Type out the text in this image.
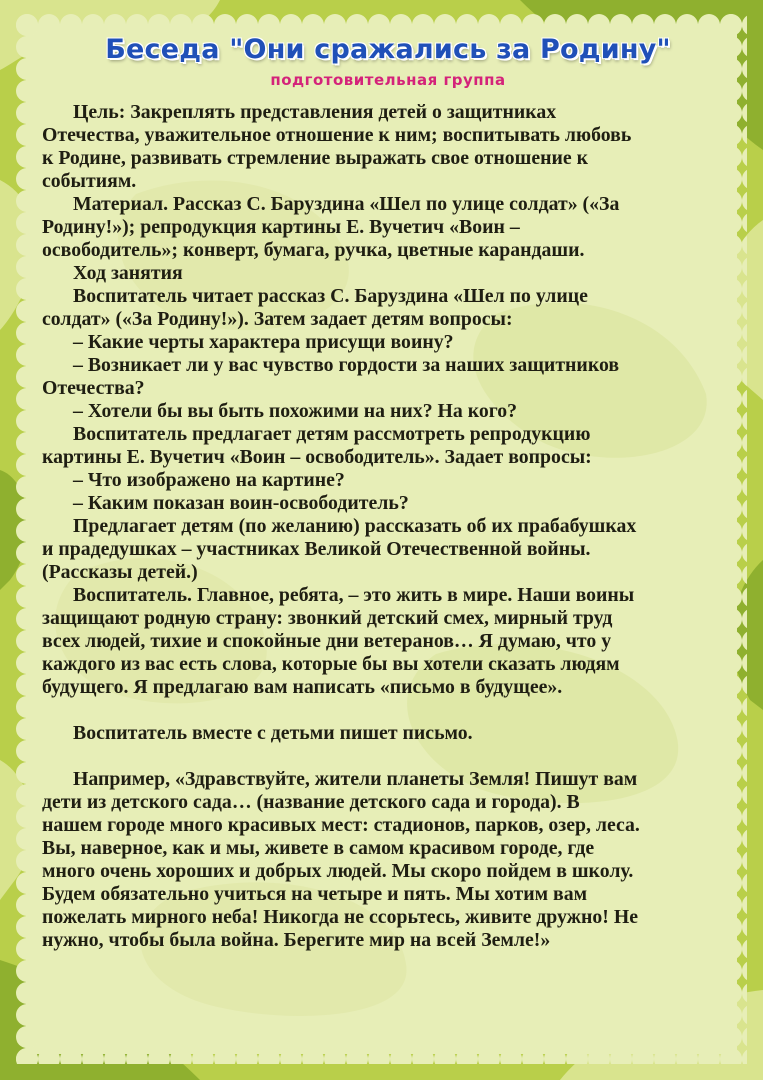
Беседа "Они сражались за Родину"
подготовительная группа

Цель: Закреплять представления детей о защитниках

Отечества, уважительное отношение к ним; воспитывать любовь

к Родине, развивать стремление выражать свое отношение к

событиям.

Материал. Рассказ С. Баруздина «Шел по улице солдат» («За

Родину!»); репродукция картины Е. Вучетич «Воин –

освободитель»; конверт, бумага, ручка, цветные карандаши.

Ход занятия

Воспитатель читает рассказ С. Баруздина «Шел по улице

солдат» («За Родину!»). Затем задает детям вопросы:

– Какие черты характера присущи воину?

– Возникает ли у вас чувство гордости за наших защитников

Отечества?

– Хотели бы вы быть похожими на них? На кого?

Воспитатель предлагает детям рассмотреть репродукцию

картины Е. Вучетич «Воин – освободитель». Задает вопросы:

– Что изображено на картине?

– Каким показан воин-освободитель?

Предлагает детям (по желанию) рассказать об их прабабушках

и прадедушках – участниках Великой Отечественной войны.

(Рассказы детей.)

Воспитатель. Главное, ребята, – это жить в мире. Наши воины

защищают родную страну: звонкий детский смех, мирный труд

всех людей, тихие и спокойные дни ветеранов… Я думаю, что у

каждого из вас есть слова, которые бы вы хотели сказать людям

будущего. Я предлагаю вам написать «письмо в будущее».

Воспитатель вместе с детьми пишет письмо.

Например, «Здравствуйте, жители планеты Земля! Пишут вам

дети из детского сада… (название детского сада и города). В

нашем городе много красивых мест: стадионов, парков, озер, леса.

Вы, наверное, как и мы, живете в самом красивом городе, где

много очень хороших и добрых людей. Мы скоро пойдем в школу.

Будем обязательно учиться на четыре и пять. Мы хотим вам

пожелать мирного неба! Никогда не ссорьтесь, живите дружно! Не

нужно, чтобы была война. Берегите мир на всей Земле!»
